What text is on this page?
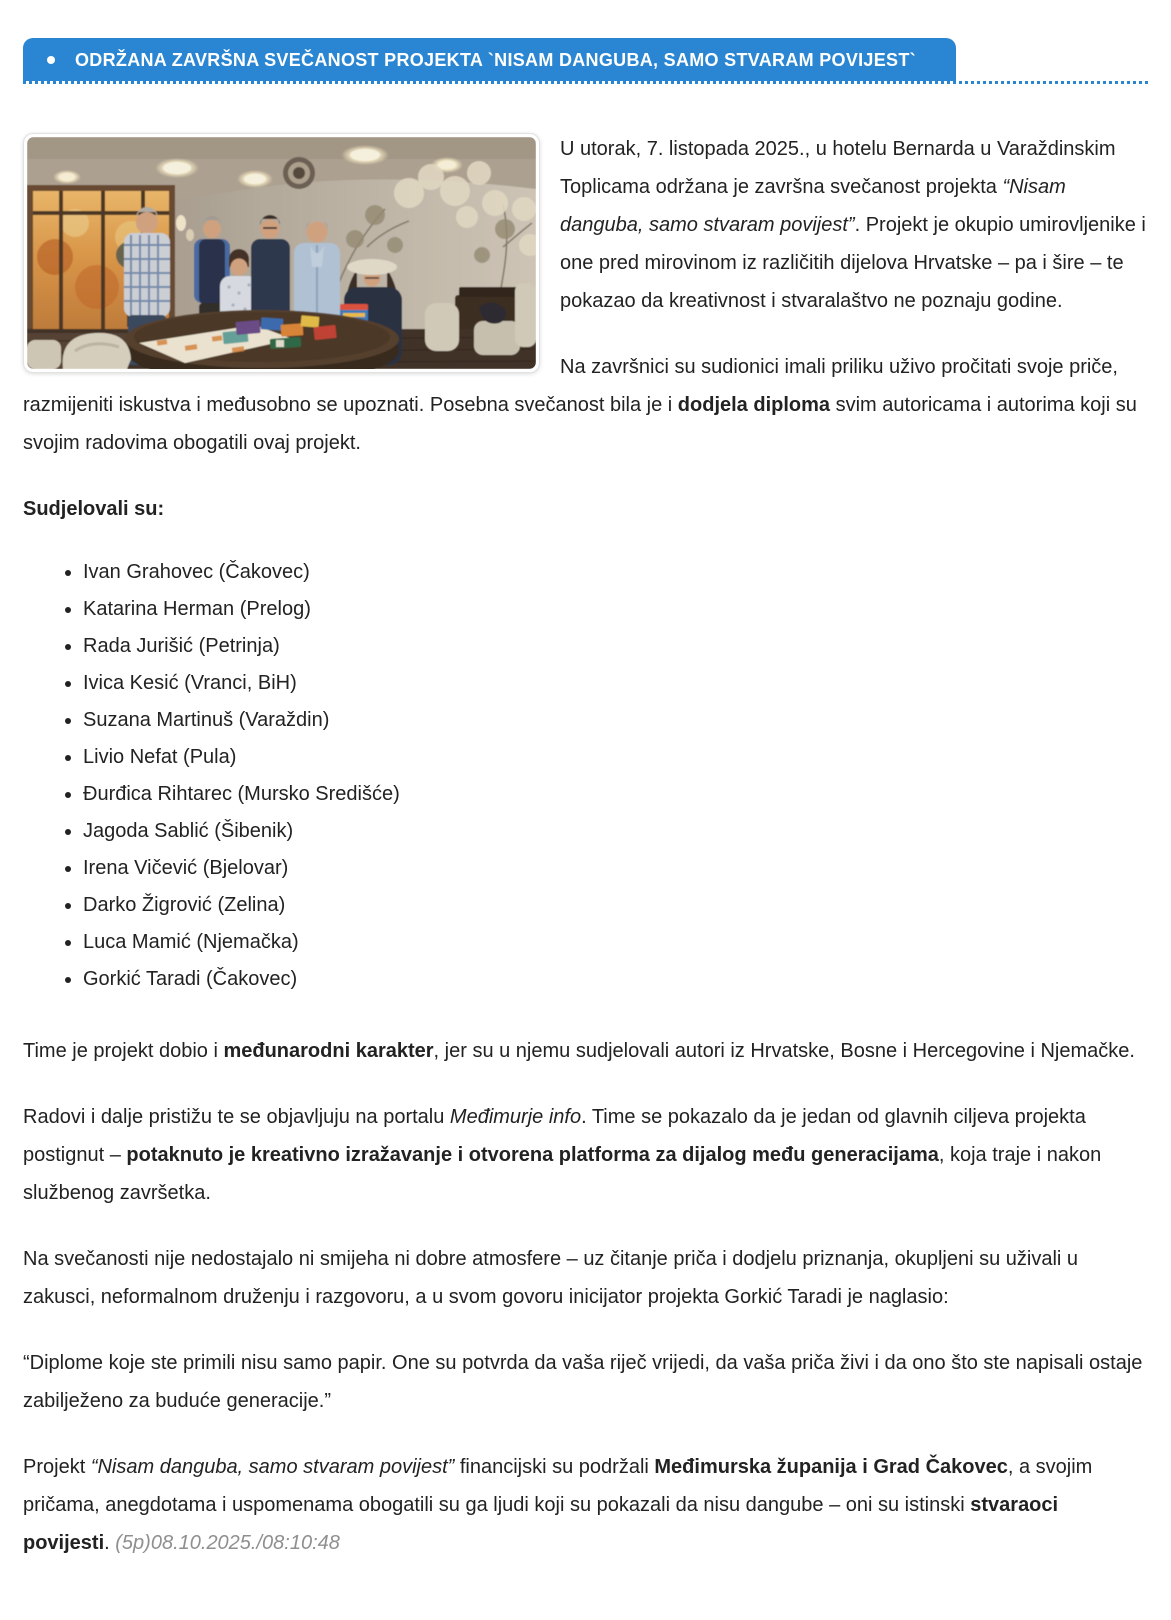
ODRŽANA ZAVRŠNA SVEČANOST PROJEKTA `NISAM DANGUBA, SAMO STVARAM POVIJEST`

U utorak, 7. listopada 2025., u hotelu Bernarda u Varaždinskim Toplicama održana je završna svečanost projekta “Nisam danguba, samo stvaram povijest”. Projekt je okupio umirovljenike i one pred mirovinom iz različitih dijelova Hrvatske – pa i šire – te pokazao da kreativnost i stvaralaštvo ne poznaju godine.

Na završnici su sudionici imali priliku uživo pročitati svoje priče, razmijeniti iskustva i međusobno se upoznati. Posebna svečanost bila je i dodjela diploma svim autoricama i autorima koji su svojim radovima obogatili ovaj projekt.

Sudjelovali su:

• Ivan Grahovec (Čakovec)
• Katarina Herman (Prelog)
• Rada Jurišić (Petrinja)
• Ivica Kesić (Vranci, BiH)
• Suzana Martinuš (Varaždin)
• Livio Nefat (Pula)
• Đurđica Rihtarec (Mursko Središće)
• Jagoda Sablić (Šibenik)
• Irena Vičević (Bjelovar)
• Darko Žigrović (Zelina)
• Luca Mamić (Njemačka)
• Gorkić Taradi (Čakovec)

Time je projekt dobio i međunarodni karakter, jer su u njemu sudjelovali autori iz Hrvatske, Bosne i Hercegovine i Njemačke.

Radovi i dalje pristižu te se objavljuju na portalu Međimurje info. Time se pokazalo da je jedan od glavnih ciljeva projekta postignut – potaknuto je kreativno izražavanje i otvorena platforma za dijalog među generacijama, koja traje i nakon službenog završetka.

Na svečanosti nije nedostajalo ni smijeha ni dobre atmosfere – uz čitanje priča i dodjelu priznanja, okupljeni su uživali u zakusci, neformalnom druženju i razgovoru, a u svom govoru inicijator projekta Gorkić Taradi je naglasio:

“Diplome koje ste primili nisu samo papir. One su potvrda da vaša riječ vrijedi, da vaša priča živi i da ono što ste napisali ostaje zabilježeno za buduće generacije.”

Projekt “Nisam danguba, samo stvaram povijest” financijski su podržali Međimurska županija i Grad Čakovec, a svojim pričama, anegdotama i uspomenama obogatili su ga ljudi koji su pokazali da nisu dangube – oni su istinski stvaraoci povijesti. (5p)08.10.2025./08:10:48
